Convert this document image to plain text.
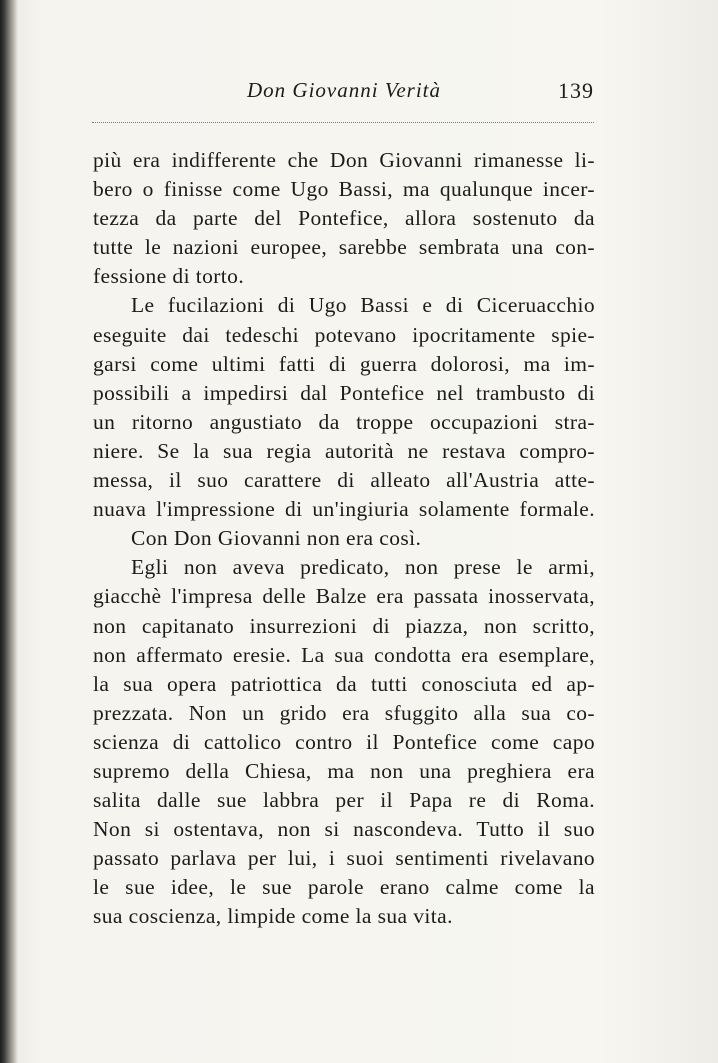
Don Giovanni Verità	139
più era indifferente che Don Giovanni rimanesse li-
bero o finisse come Ugo Bassi, ma qualunque incer-
tezza da parte del Pontefice, allora sostenuto da
tutte le nazioni europee, sarebbe sembrata una con-
fessione di torto.
Le fucilazioni di Ugo Bassi e di Ciceruacchio
eseguite dai tedeschi potevano ipocritamente spie-
garsi come ultimi fatti di guerra dolorosi, ma im-
possibili a impedirsi dal Pontefice nel trambusto di
un ritorno angustiato da troppe occupazioni stra-
niere. Se la sua regia autorità ne restava compro-
messa, il suo carattere di alleato all'Austria atte-
nuava l'impressione di un'ingiuria solamente formale.
Con Don Giovanni non era così.
Egli non aveva predicato, non prese le armi,
giacchè l'impresa delle Balze era passata inosservata,
non capitanato insurrezioni di piazza, non scritto,
non affermato eresie. La sua condotta era esemplare,
la sua opera patriottica da tutti conosciuta ed ap-
prezzata. Non un grido era sfuggito alla sua co-
scienza di cattolico contro il Pontefice come capo
supremo della Chiesa, ma non una preghiera era
salita dalle sue labbra per il Papa re di Roma.
Non si ostentava, non si nascondeva. Tutto il suo
passato parlava per lui, i suoi sentimenti rivelavano
le sue idee, le sue parole erano calme come la
sua coscienza, limpide come la sua vita.
